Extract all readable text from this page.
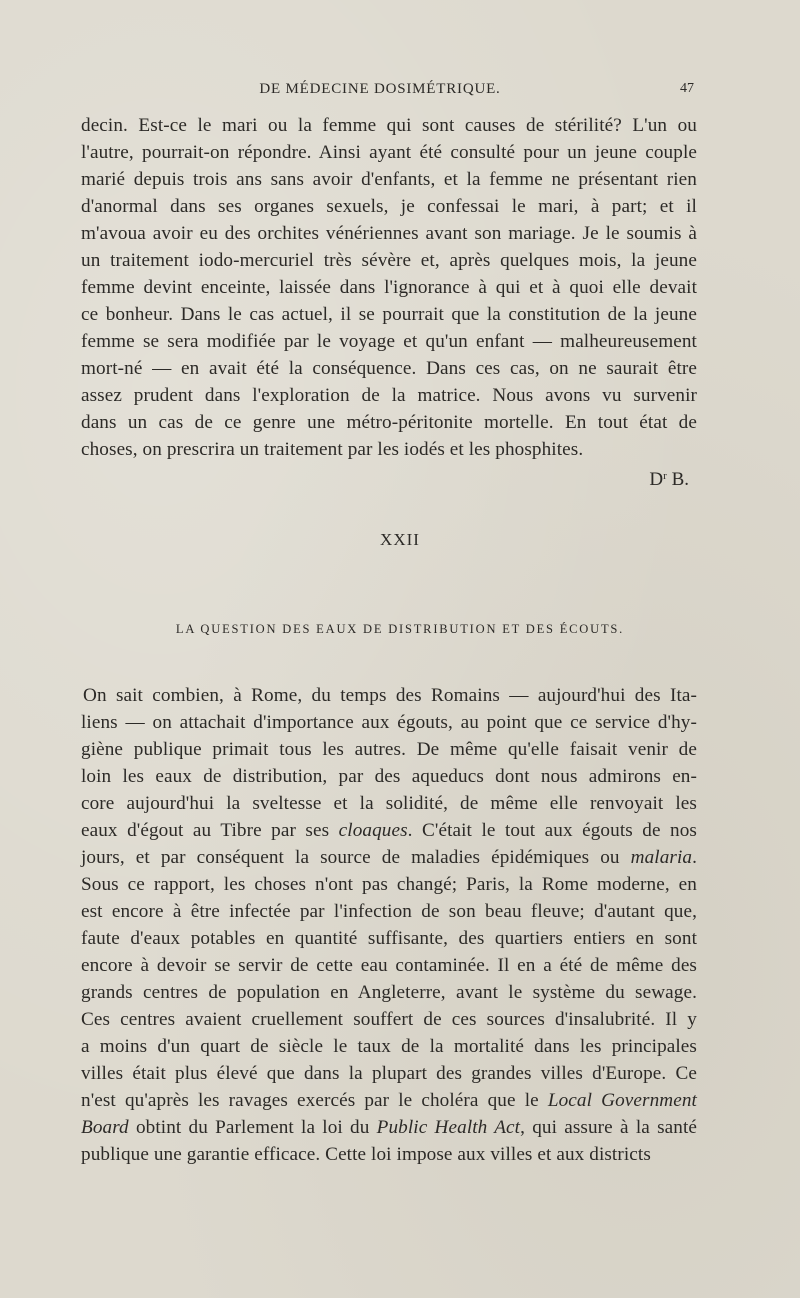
DE MÉDECINE DOSIMÉTRIQUE.	47
decin. Est-ce le mari ou la femme qui sont causes de stérilité? L'un ou
l'autre, pourrait-on répondre. Ainsi ayant été consulté pour un jeune couple
marié depuis trois ans sans avoir d'enfants, et la femme ne présentant rien
d'anormal dans ses organes sexuels, je confessai le mari, à part; et il
m'avoua avoir eu des orchites vénériennes avant son mariage. Je le soumis à
un traitement iodo-mercuriel très sévère et, après quelques mois, la jeune
femme devint enceinte, laissée dans l'ignorance à qui et à quoi elle devait
ce bonheur. Dans le cas actuel, il se pourrait que la constitution de la jeune
femme se sera modifiée par le voyage et qu'un enfant — malheureusement
mort-né — en avait été la conséquence. Dans ces cas, on ne saurait être
assez prudent dans l'exploration de la matrice. Nous avons vu survenir
dans un cas de ce genre une métro-péritonite mortelle. En tout état de
choses, on prescrira un traitement par les iodés et les phosphites.
$D^r$ B.
XXII
LA QUESTION DES EAUX DE DISTRIBUTION ET DES ÉCOUTS.
On sait combien, à Rome, du temps des Romains — aujourd'hui des Ita-
liens — on attachait d'importance aux égouts, au point que ce service d'hy-
giène publique primait tous les autres. De même qu'elle faisait venir de
loin les eaux de distribution, par des aqueducs dont nous admirons en-
core aujourd'hui la sveltesse et la solidité, de même elle renvoyait les
eaux d'égout au Tibre par ses cloaques. C'était le tout aux égouts de nos
jours, et par conséquent la source de maladies épidémiques ou malaria.
Sous ce rapport, les choses n'ont pas changé; Paris, la Rome moderne, en
est encore à être infectée par l'infection de son beau fleuve; d'autant que,
faute d'eaux potables en quantité suffisante, des quartiers entiers en sont
encore à devoir se servir de cette eau contaminée. Il en a été de même des
grands centres de population en Angleterre, avant le système du sewage.
Ces centres avaient cruellement souffert de ces sources d'insalubrité. Il y
a moins d'un quart de siècle le taux de la mortalité dans les principales
villes était plus élevé que dans la plupart des grandes villes d'Europe. Ce
n'est qu'après les ravages exercés par le choléra que le Local Government
Board obtint du Parlement la loi du Public Health Act, qui assure à la santé
publique une garantie efficace. Cette loi impose aux villes et aux districts
